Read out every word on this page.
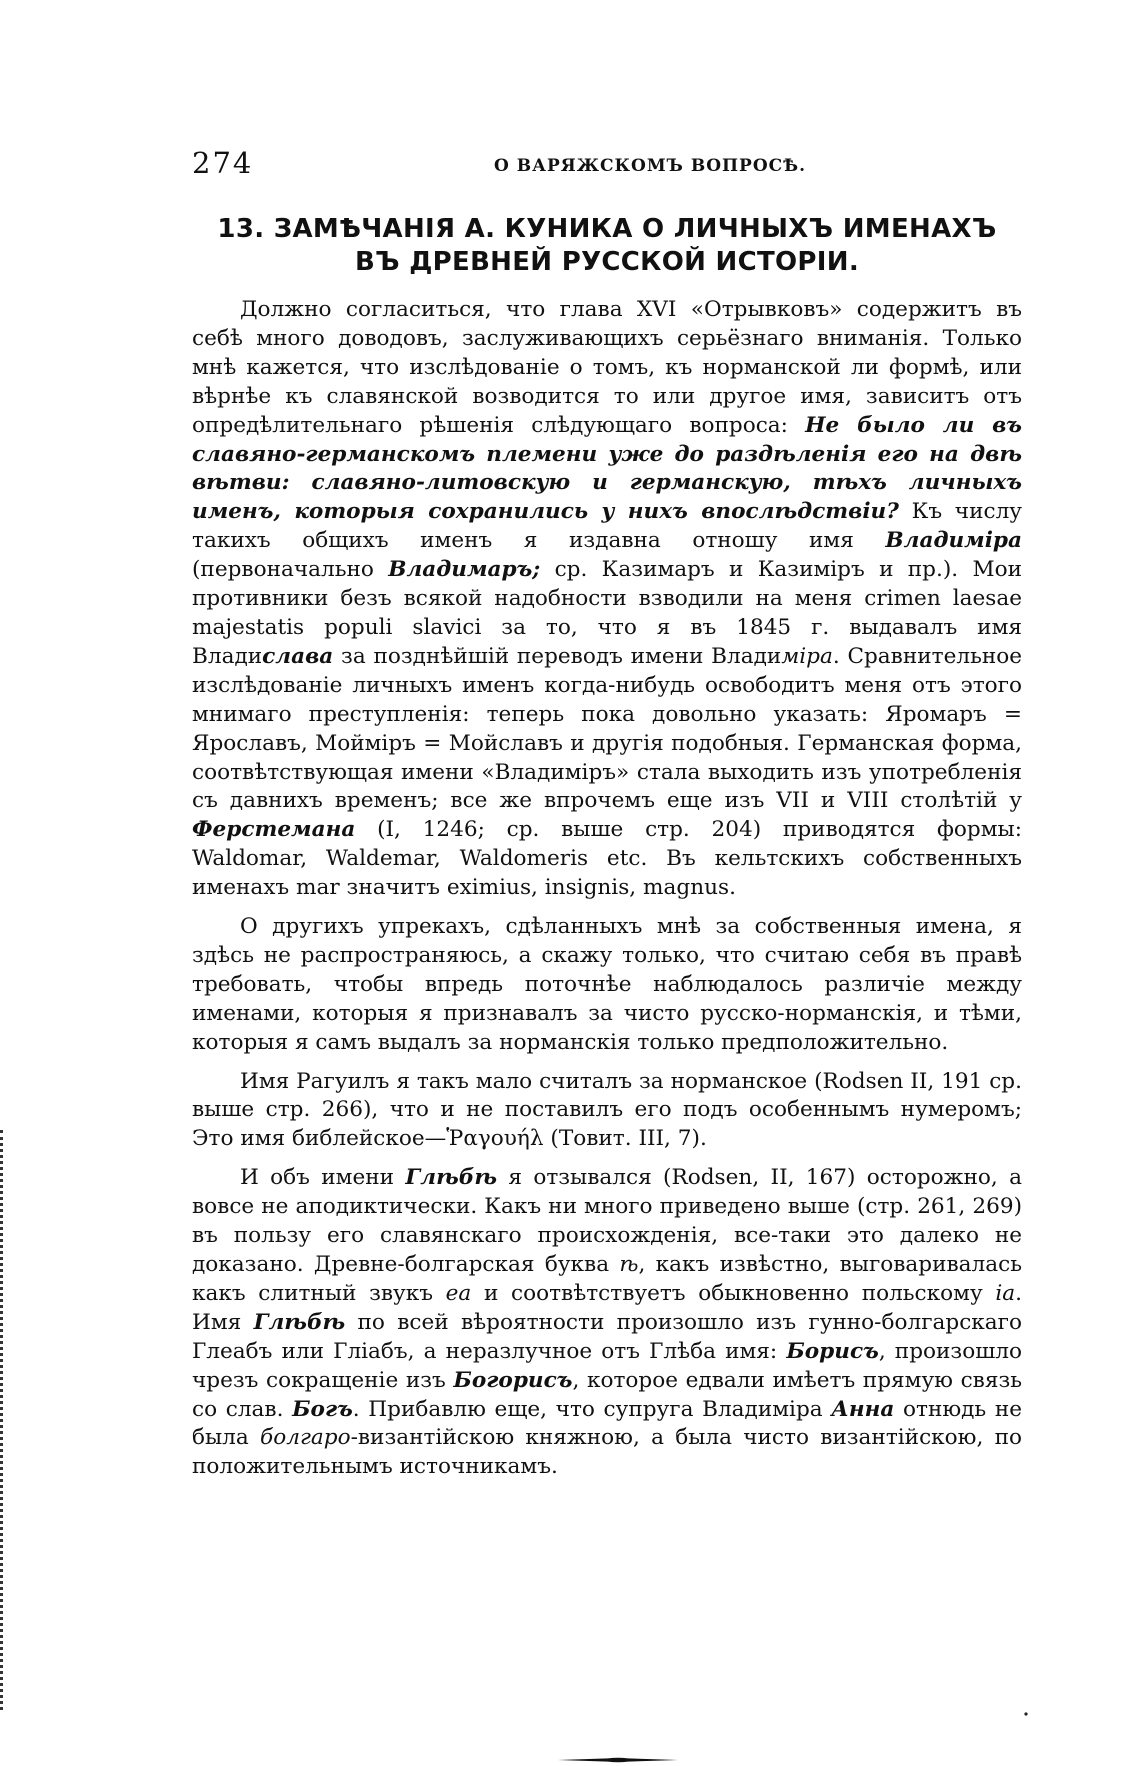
274	О ВАРЯЖСКОМЪ ВОПРОСѢ.
13. ЗАМѢЧАНІЯ А. КУНИКА О ЛИЧНЫХЪ ИМЕНАХЪ ВЪ ДРЕВНЕЙ РУССКОЙ ИСТОРІИ.

Должно согласиться, что глава XVI «Отрывковъ» содержитъ въ себѣ много доводовъ, заслуживающихъ серьёзнаго вниманія. Только мнѣ кажется, что изслѣдованіе о томъ, къ норманской ли формѣ, или вѣрнѣе къ славянской возводится то или другое имя, зависитъ отъ опредѣлительнаго рѣшенія слѣдующаго вопроса: Не было ли въ славяно-германскомъ племени уже до раздѣленія его на двѣ вѣтви: славяно-литовскую и германскую, тѣхъ личныхъ именъ, которыя сохранились у нихъ впослѣдствіи? Къ числу такихъ общихъ именъ я издавна отношу имя Владиміра (первоначально Владимаръ; ср. Казимаръ и Казиміръ и пр.). Мои противники безъ всякой надобности взводили на меня crimen laesae majestatis populi slavici за то, что я въ 1845 г. выдавалъ имя Владислава за позднѣйшій переводъ имени Владиміра. Сравнительное изслѣдованіе личныхъ именъ когда-нибудь освободитъ меня отъ этого мнимаго преступленія: теперь пока довольно указать: Яромаръ = Ярославъ, Мойміръ = Мойславъ и другія подобныя. Германская форма, соотвѣтствующая имени «Владиміръ» стала выходить изъ употребленія съ давнихъ временъ; все же впрочемъ еще изъ VII и VIII столѣтій у Ферстемана (I, 1246; ср. выше стр. 204) приводятся формы: Waldomar, Waldemar, Waldomeris etc. Въ кельтскихъ собственныхъ именахъ mar значитъ eximius, insignis, magnus.

О другихъ упрекахъ, сдѣланныхъ мнѣ за собственныя имена, я здѣсь не распространяюсь, а скажу только, что считаю себя въ правѣ требовать, чтобы впредь поточнѣе наблюдалось различіе между именами, которыя я признавалъ за чисто русско-норманскія, и тѣми, которыя я самъ выдалъ за норманскія только предположительно.

Имя Рагуилъ я такъ мало считалъ за норманское (Rodsen II, 191 ср. выше стр. 266), что и не поставилъ его подъ особеннымъ нумеромъ; Это имя библейское—Ῥαγουήλ (Товит. III, 7).

И объ имени Глѣбѣ я отзывался (Rodsen, II, 167) осторожно, а вовсе не аподиктически. Какъ ни много приведено выше (стр. 261, 269) въ пользу его славянскаго происхожденія, все-таки это далеко не доказано. Древне-болгарская буква ѣ, какъ извѣстно, выговаривалась какъ слитный звукъ еа и соотвѣтствуетъ обыкновенно польскому ia. Имя Глѣбѣ по всей вѣроятности произошло изъ гунно-болгарскаго Глеабъ или Гліабъ, а неразлучное отъ Глѣба имя: Борисъ, произошло чрезъ сокращеніе изъ Богорисъ, которое едвали имѣетъ прямую связь со слав. Богъ. Прибавлю еще, что супруга Владиміра Анна отнюдь не была болгаро-византійскою княжною, а была чисто византійскою, по положительнымъ источникамъ.
